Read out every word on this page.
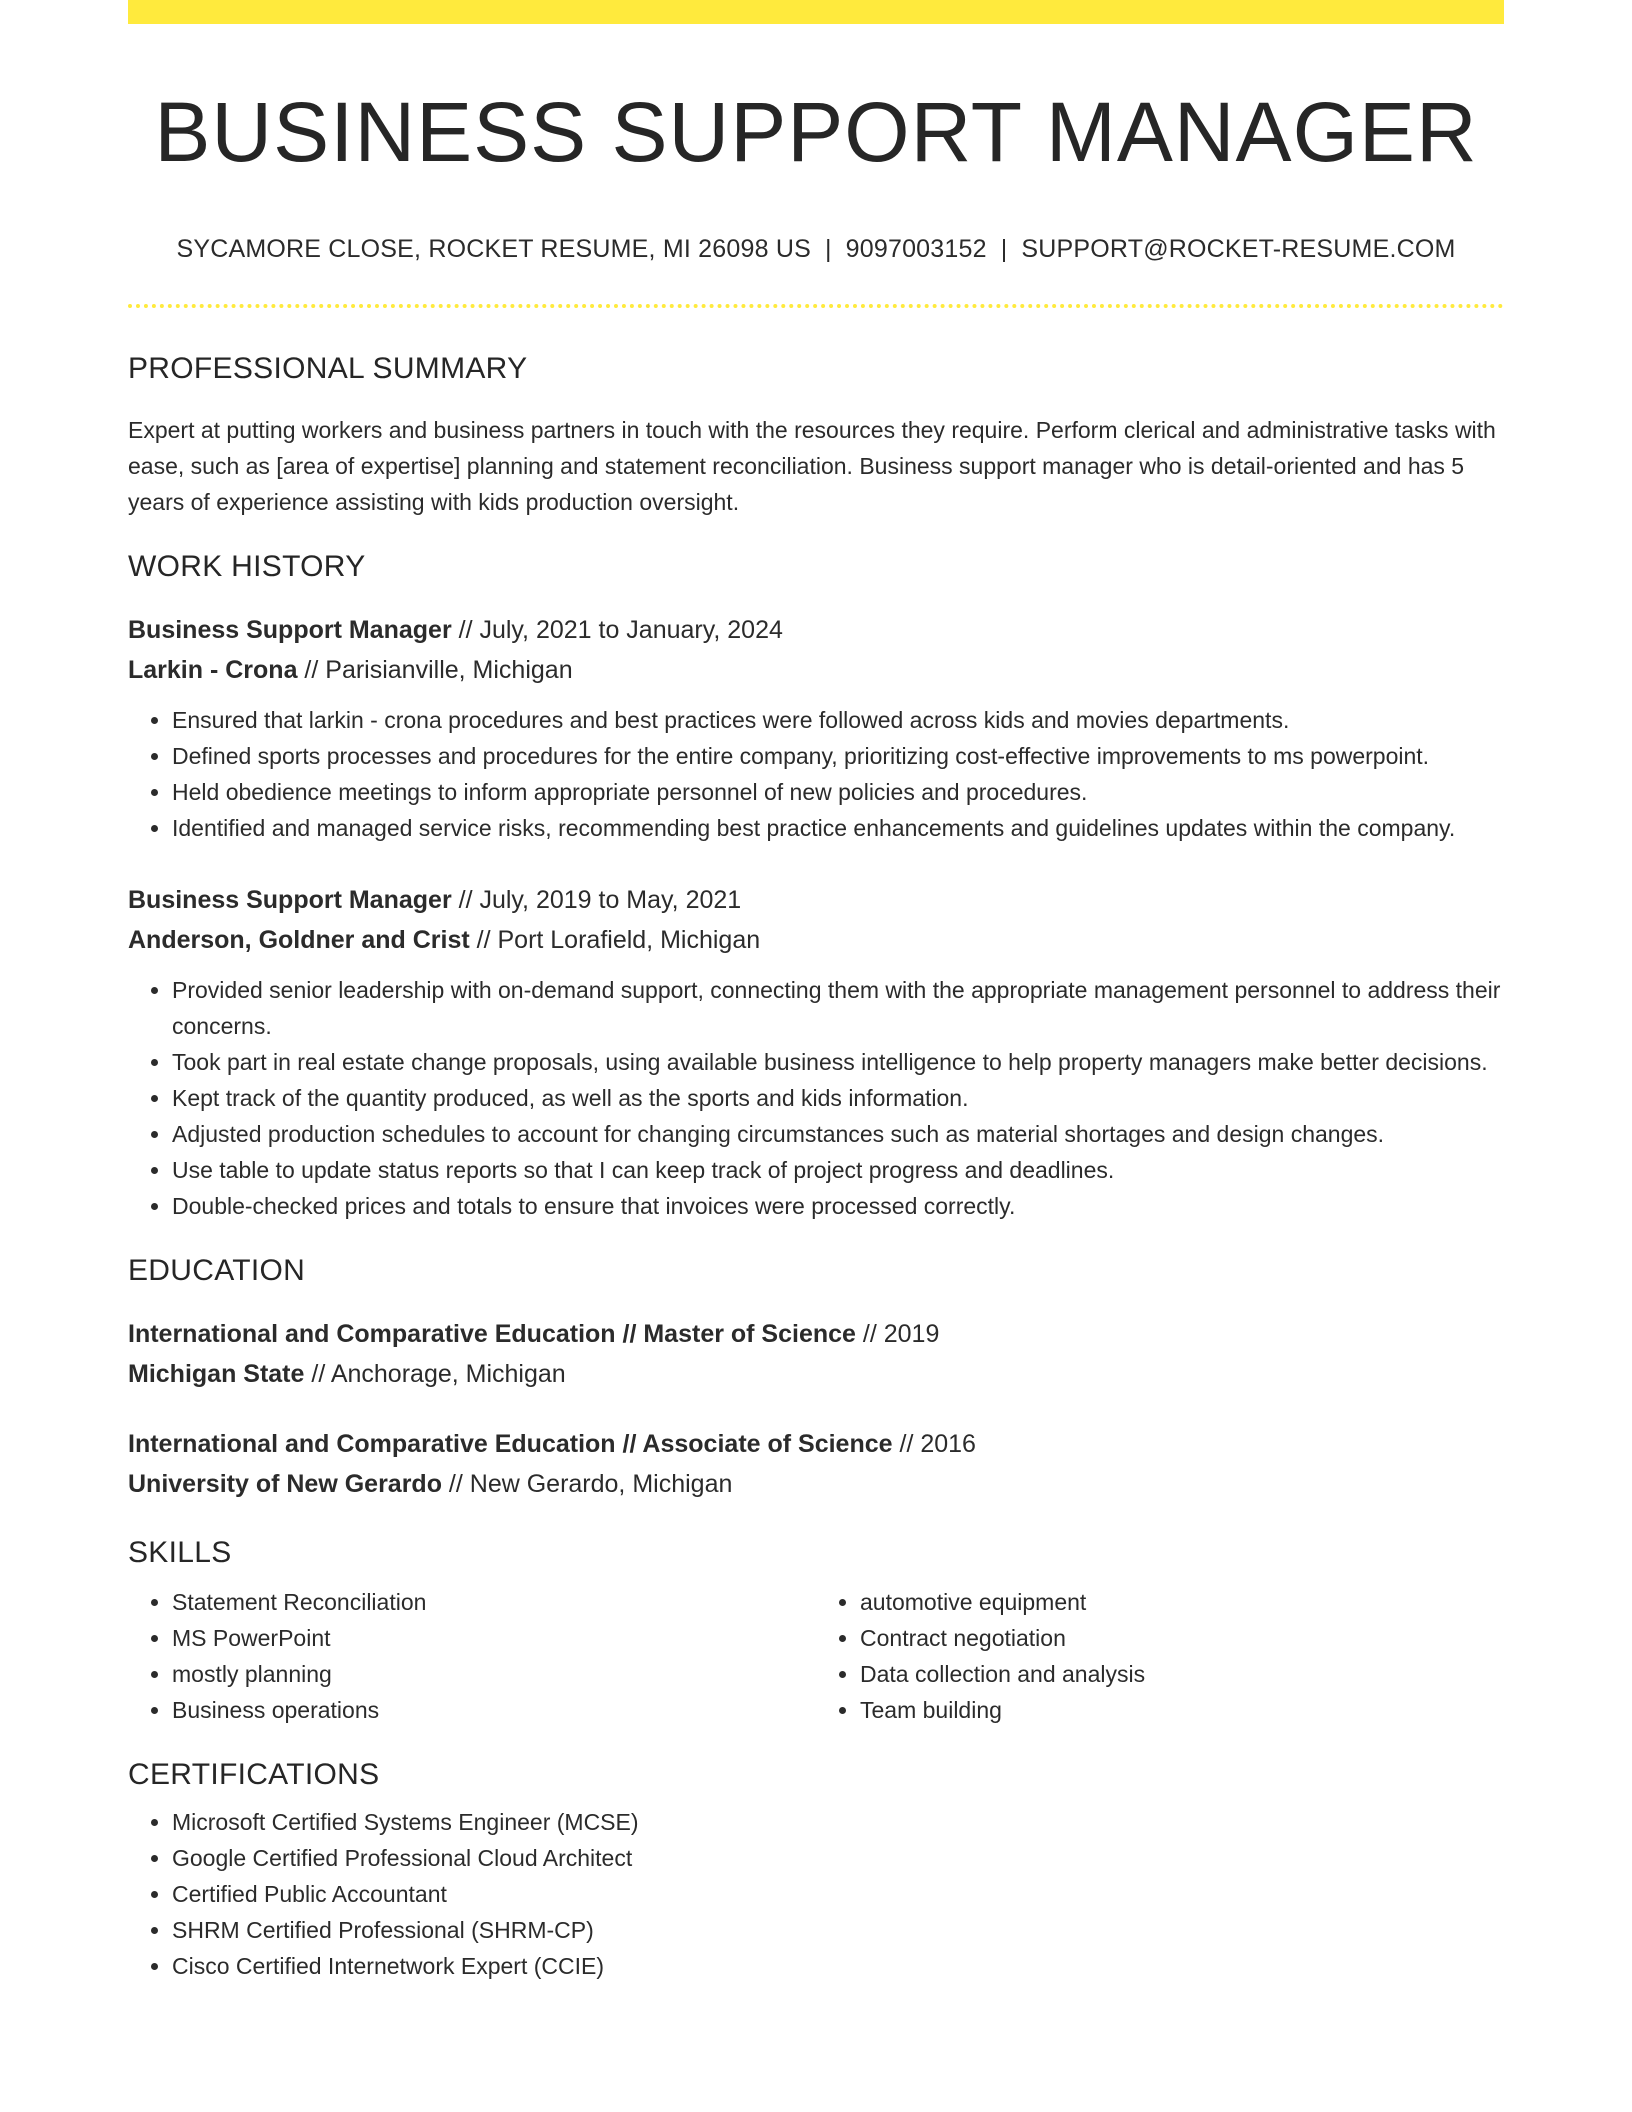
BUSINESS SUPPORT MANAGER
SYCAMORE CLOSE, ROCKET RESUME, MI 26098 US | 9097003152 | SUPPORT@ROCKET-RESUME.COM
PROFESSIONAL SUMMARY
Expert at putting workers and business partners in touch with the resources they require. Perform clerical and administrative tasks with ease, such as [area of expertise] planning and statement reconciliation. Business support manager who is detail-oriented and has 5 years of experience assisting with kids production oversight.
WORK HISTORY
Business Support Manager // July, 2021 to January, 2024
Larkin - Crona // Parisianville, Michigan
• Ensured that larkin - crona procedures and best practices were followed across kids and movies departments.
• Defined sports processes and procedures for the entire company, prioritizing cost-effective improvements to ms powerpoint.
• Held obedience meetings to inform appropriate personnel of new policies and procedures.
• Identified and managed service risks, recommending best practice enhancements and guidelines updates within the company.
Business Support Manager // July, 2019 to May, 2021
Anderson, Goldner and Crist // Port Lorafield, Michigan
• Provided senior leadership with on-demand support, connecting them with the appropriate management personnel to address their concerns.
• Took part in real estate change proposals, using available business intelligence to help property managers make better decisions.
• Kept track of the quantity produced, as well as the sports and kids information.
• Adjusted production schedules to account for changing circumstances such as material shortages and design changes.
• Use table to update status reports so that I can keep track of project progress and deadlines.
• Double-checked prices and totals to ensure that invoices were processed correctly.
EDUCATION
International and Comparative Education // Master of Science // 2019
Michigan State // Anchorage, Michigan
International and Comparative Education // Associate of Science // 2016
University of New Gerardo // New Gerardo, Michigan
SKILLS
• Statement Reconciliation
• MS PowerPoint
• mostly planning
• Business operations
• automotive equipment
• Contract negotiation
• Data collection and analysis
• Team building
CERTIFICATIONS
• Microsoft Certified Systems Engineer (MCSE)
• Google Certified Professional Cloud Architect
• Certified Public Accountant
• SHRM Certified Professional (SHRM-CP)
• Cisco Certified Internetwork Expert (CCIE)
